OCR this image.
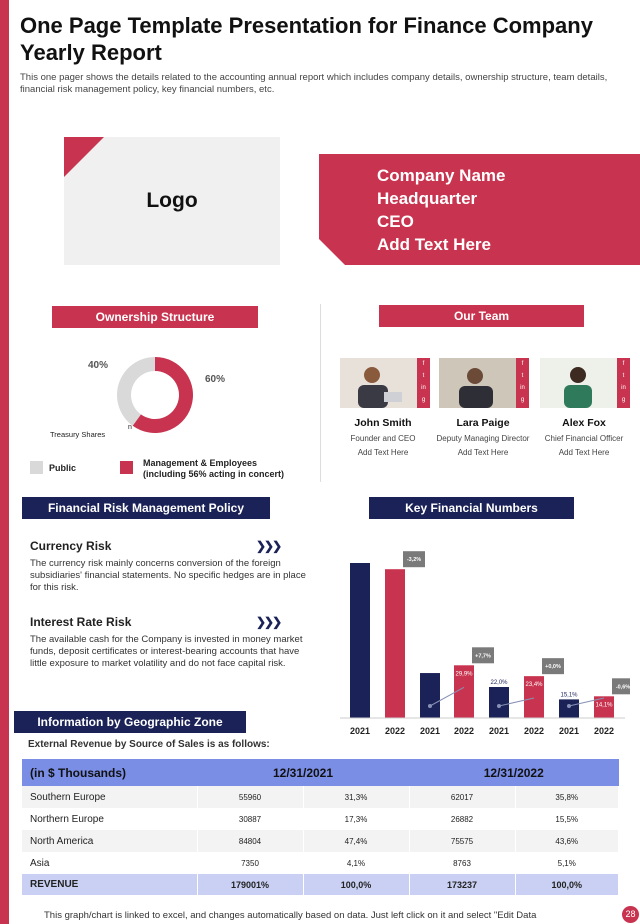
One Page Template Presentation for Finance Company Yearly Report
This one pager shows the details related to the accounting annual report which includes company details, ownership structure, team details, financial risk management policy, key financial numbers, etc.
Logo
Company Name
Headquarter
CEO
Add Text Here
Ownership Structure
40%
60%
Treasury Shares
n
Public	Management & Employees
(including 56% acting in concert)
Our Team
f
t
in
g
f
t
in
g
f
t
in
g
John Smith
Founder and CEO
Add Text Here
Lara Paige
Deputy Managing Director
Add Text Here
Alex Fox
Chief Financial Officer
Add Text Here
Financial Risk Management Policy
Currency Risk	❯❯❯
The currency risk mainly concerns conversion of the foreign subsidiaries' financial statements. No specific hedges are in place for this risk.
Interest Rate Risk	❯❯❯
The available cash for the Company is invested in money market funds, deposit certificates or interest-bearing accounts that have little exposure to market volatility and do not face capital risk.
Key Financial Numbers
2021 2022 2021 2022
29,9%
2021
22,0%
2022
23,4%
2021
15,1%
2022
14,1%
-3,2%
+7,7%
+0,0%
-0,6%
Information by Geographic Zone
External Revenue by Source of Sales is as follows:
(in $ Thousands)	12/31/2021		12/31/2022	
Southern Europe	55960	31,3%	62017	35,8%
Northern Europe	30887	17,3%	26882	15,5%
North America	84804	47,4%	75575	43,6%
Asia	7350	4,1%	8763	5,1%
REVENUE	179001%	100,0%	173237	100,0%
This graph/chart is linked to excel, and changes automatically based on data. Just left click on it and select "Edit Data	28
